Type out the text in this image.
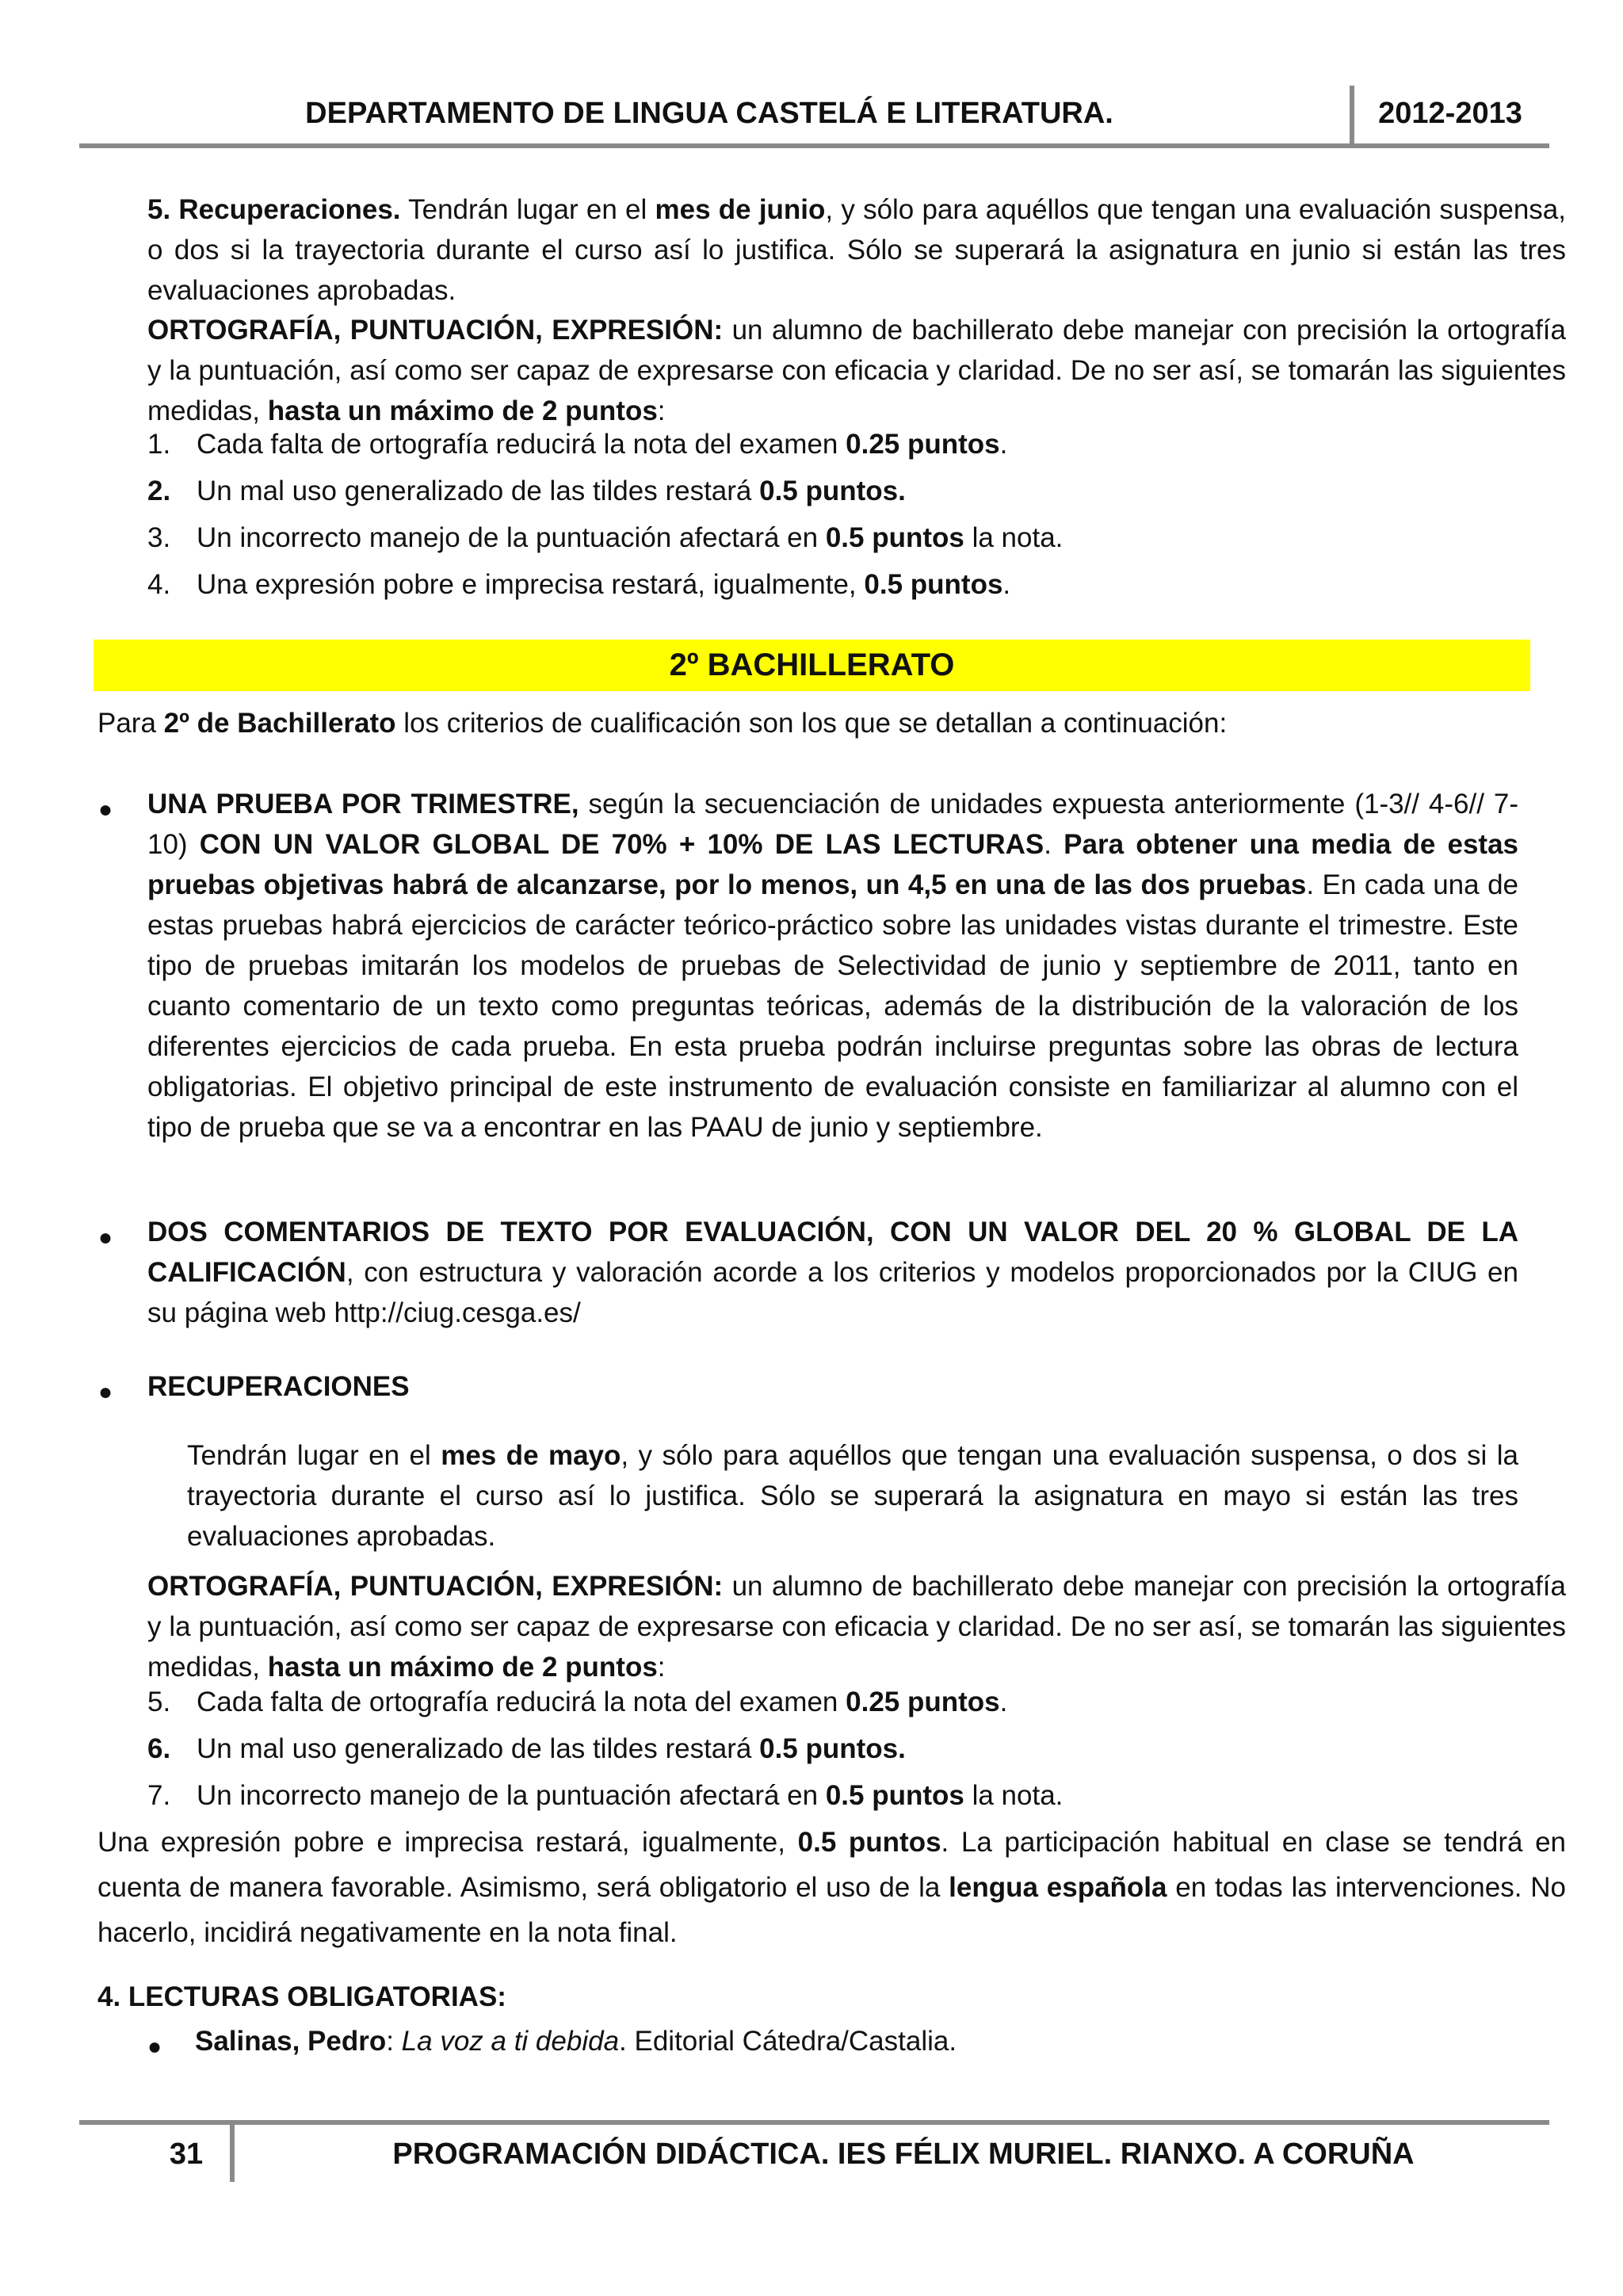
DEPARTAMENTO DE LINGUA CASTELÁ E LITERATURA.	2012-2013
5. Recuperaciones. Tendrán lugar en el mes de junio, y sólo para aquéllos que tengan una evaluación suspensa, o dos si la trayectoria durante el curso así lo justifica. Sólo se superará la asignatura en junio si están las tres evaluaciones aprobadas.
ORTOGRAFÍA, PUNTUACIÓN, EXPRESIÓN: un alumno de bachillerato debe manejar con precisión la ortografía y la puntuación, así como ser capaz de expresarse con eficacia y claridad. De no ser así, se tomarán las siguientes medidas, hasta un máximo de 2 puntos:
1. Cada falta de ortografía reducirá la nota del examen 0.25 puntos.
2. Un mal uso generalizado de las tildes restará 0.5 puntos.
3. Un incorrecto manejo de la puntuación afectará en 0.5 puntos la nota.
4. Una expresión pobre e imprecisa restará, igualmente, 0.5 puntos.
2º BACHILLERATO
Para 2º de Bachillerato los criterios de cualificación son los que se detallan a continuación:
● UNA PRUEBA POR TRIMESTRE, según la secuenciación de unidades expuesta anteriormente (1-3// 4-6// 7-10) CON UN VALOR GLOBAL DE 70% + 10% DE LAS LECTURAS. Para obtener una media de estas pruebas objetivas habrá de alcanzarse, por lo menos, un 4,5 en una de las dos pruebas. En cada una de estas pruebas habrá ejercicios de carácter teórico-práctico sobre las unidades vistas durante el trimestre. Este tipo de pruebas imitarán los modelos de pruebas de Selectividad de junio y septiembre de 2011, tanto en cuanto comentario de un texto como preguntas teóricas, además de la distribución de la valoración de los diferentes ejercicios de cada prueba. En esta prueba podrán incluirse preguntas sobre las obras de lectura obligatorias. El objetivo principal de este instrumento de evaluación consiste en familiarizar al alumno con el tipo de prueba que se va a encontrar en las PAAU de junio y septiembre.
● DOS COMENTARIOS DE TEXTO POR EVALUACIÓN, CON UN VALOR DEL 20 % GLOBAL DE LA CALIFICACIÓN, con estructura y valoración acorde a los criterios y modelos proporcionados por la CIUG en su página web http://ciug.cesga.es/
● RECUPERACIONES
Tendrán lugar en el mes de mayo, y sólo para aquéllos que tengan una evaluación suspensa, o dos si la trayectoria durante el curso así lo justifica. Sólo se superará la asignatura en mayo si están las tres evaluaciones aprobadas.
ORTOGRAFÍA, PUNTUACIÓN, EXPRESIÓN: un alumno de bachillerato debe manejar con precisión la ortografía y la puntuación, así como ser capaz de expresarse con eficacia y claridad. De no ser así, se tomarán las siguientes medidas, hasta un máximo de 2 puntos:
5. Cada falta de ortografía reducirá la nota del examen 0.25 puntos.
6. Un mal uso generalizado de las tildes restará 0.5 puntos.
7. Un incorrecto manejo de la puntuación afectará en 0.5 puntos la nota.
Una expresión pobre e imprecisa restará, igualmente, 0.5 puntos. La participación habitual en clase se tendrá en cuenta de manera favorable. Asimismo, será obligatorio el uso de la lengua española en todas las intervenciones. No hacerlo, incidirá negativamente en la nota final.
4. LECTURAS OBLIGATORIAS:
● Salinas, Pedro: La voz a ti debida. Editorial Cátedra/Castalia.
31	PROGRAMACIÓN DIDÁCTICA. IES FÉLIX MURIEL. RIANXO. A CORUÑA
